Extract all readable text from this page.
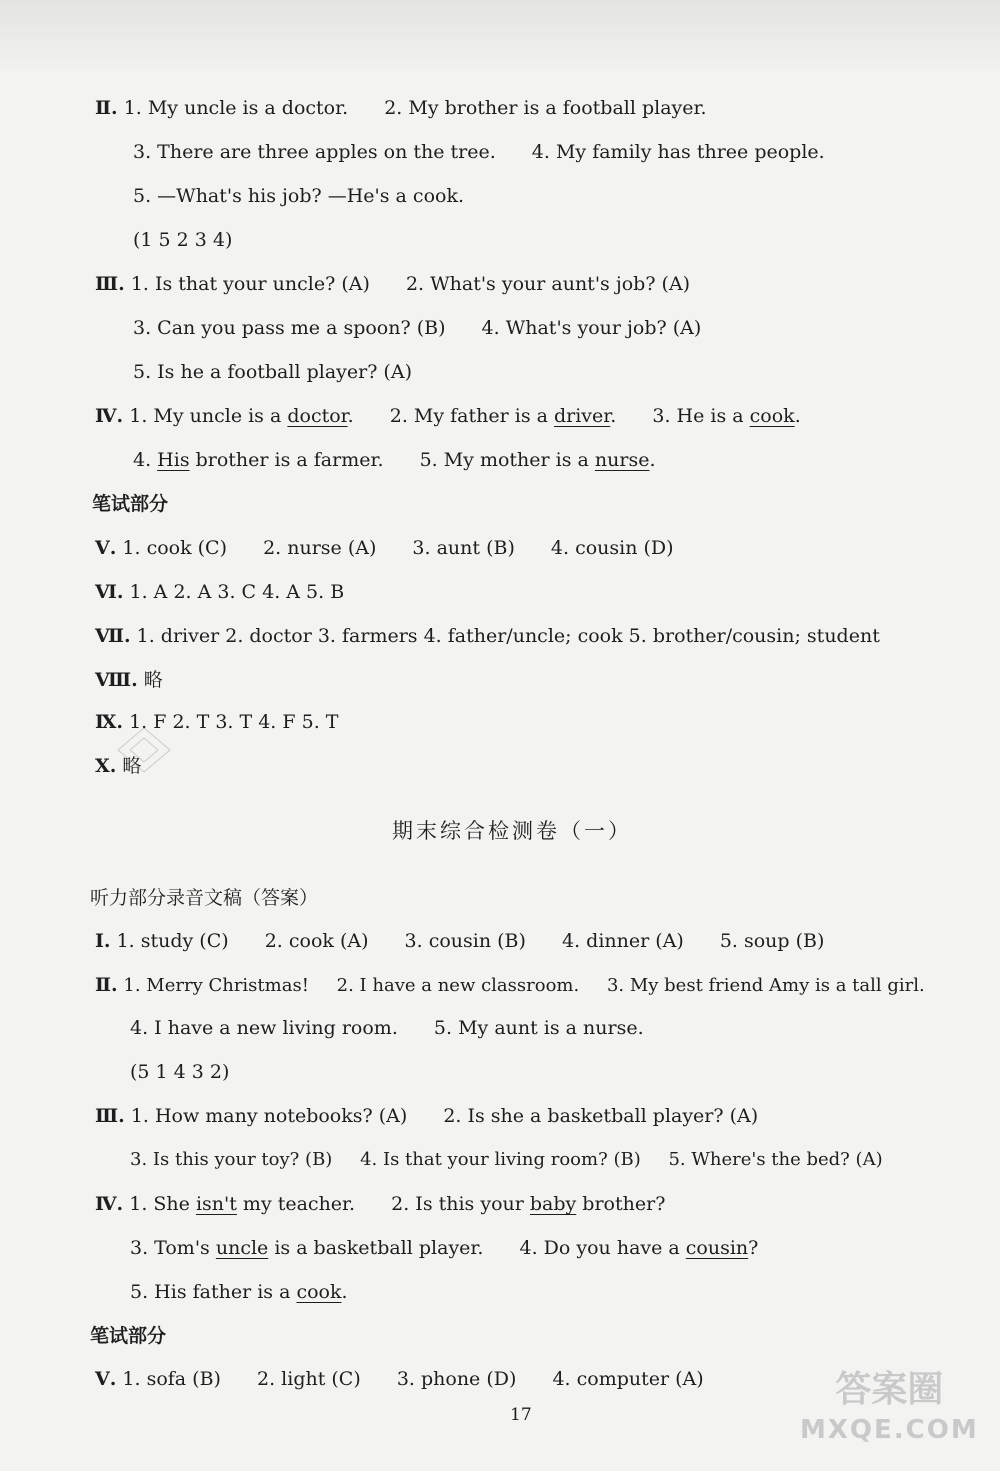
Ⅱ. 1. My uncle is a doctor. 2. My brother is a football player.
3. There are three apples on the tree. 4. My family has three people.
5. —What's his job? —He's a cook.
(1 5 2 3 4)
Ⅲ. 1. Is that your uncle? (A) 2. What's your aunt's job? (A)
3. Can you pass me a spoon? (B) 4. What's your job? (A)
5. Is he a football player? (A)
Ⅳ. 1. My uncle is a doctor. 2. My father is a driver. 3. He is a cook.
4. His brother is a farmer. 5. My mother is a nurse.
笔试部分
Ⅴ. 1. cook (C) 2. nurse (A) 3. aunt (B) 4. cousin (D)
Ⅵ. 1. A 2. A 3. C 4. A 5. B
Ⅶ. 1. driver 2. doctor 3. farmers 4. father/uncle; cook 5. brother/cousin; student
Ⅷ. 略
Ⅸ. 1. F 2. T 3. T 4. F 5. T
Ⅹ. 略
期末综合检测卷（一）
听力部分录音文稿（答案）
Ⅰ. 1. study (C) 2. cook (A) 3. cousin (B) 4. dinner (A) 5. soup (B)
Ⅱ. 1. Merry Christmas! 2. I have a new classroom. 3. My best friend Amy is a tall girl.
4. I have a new living room. 5. My aunt is a nurse.
(5 1 4 3 2)
Ⅲ. 1. How many notebooks? (A) 2. Is she a basketball player? (A)
3. Is this your toy? (B) 4. Is that your living room? (B) 5. Where's the bed? (A)
Ⅳ. 1. She isn't my teacher. 2. Is this your baby brother?
3. Tom's uncle is a basketball player. 4. Do you have a cousin?
5. His father is a cook.
笔试部分
Ⅴ. 1. sofa (B) 2. light (C) 3. phone (D) 4. computer (A)
17
答案圈
MXQE.COM
